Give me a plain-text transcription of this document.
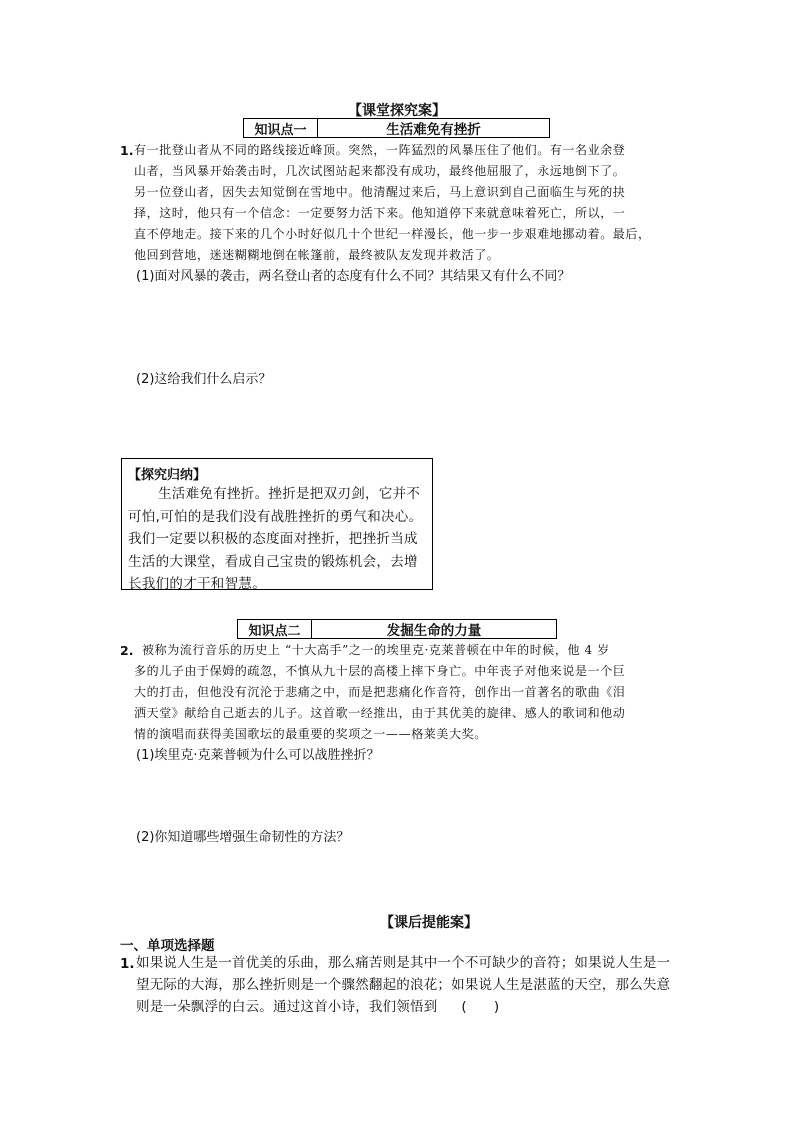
【课堂探究案】
知识点一	生活难免有挫折
1. 有一批登山者从不同的路线接近峰顶。突然，一阵猛烈的风暴压住了他们。有一名业余登
山者，当风暴开始袭击时，几次试图站起来都没有成功，最终他屈服了，永远地倒下了。
另一位登山者，因失去知觉倒在雪地中。他清醒过来后，马上意识到自己面临生与死的抉
择，这时，他只有一个信念：一定要努力活下来。他知道停下来就意味着死亡，所以，一
直不停地走。接下来的几个小时好似几十个世纪一样漫长，他一步一步艰难地挪动着。最后，
他回到营地，迷迷糊糊地倒在帐篷前，最终被队友发现并救活了。
(1)面对风暴的袭击，两名登山者的态度有什么不同？其结果又有什么不同？
(2)这给我们什么启示？
【探究归纳】
生活难免有挫折。挫折是把双刃剑，它并不
可怕,可怕的是我们没有战胜挫折的勇气和决心。
我们一定要以积极的态度面对挫折，把挫折当成
生活的大课堂，看成自己宝贵的锻炼机会，去增
长我们的才干和智慧。
知识点二	发掘生命的力量
2. 被称为流行音乐的历史上 “十大高手”之一的埃里克·克莱普顿在中年的时候，他 4 岁
多的儿子由于保姆的疏忽，不慎从九十层的高楼上摔下身亡。中年丧子对他来说是一个巨
大的打击，但他没有沉沦于悲痛之中，而是把悲痛化作音符，创作出一首著名的歌曲《泪
洒天堂》献给自己逝去的儿子。这首歌一经推出，由于其优美的旋律、感人的歌词和他动
情的演唱而获得美国歌坛的最重要的奖项之一——格莱美大奖。
(1)埃里克·克莱普顿为什么可以战胜挫折？
(2)你知道哪些增强生命韧性的方法？
【课后提能案】
一、单项选择题
1. 如果说人生是一首优美的乐曲，那么痛苦则是其中一个不可缺少的音符；如果说人生是一
望无际的大海，那么挫折则是一个骤然翻起的浪花；如果说人生是湛蓝的天空，那么失意
则是一朵飘浮的白云。通过这首小诗，我们领悟到 (      )
